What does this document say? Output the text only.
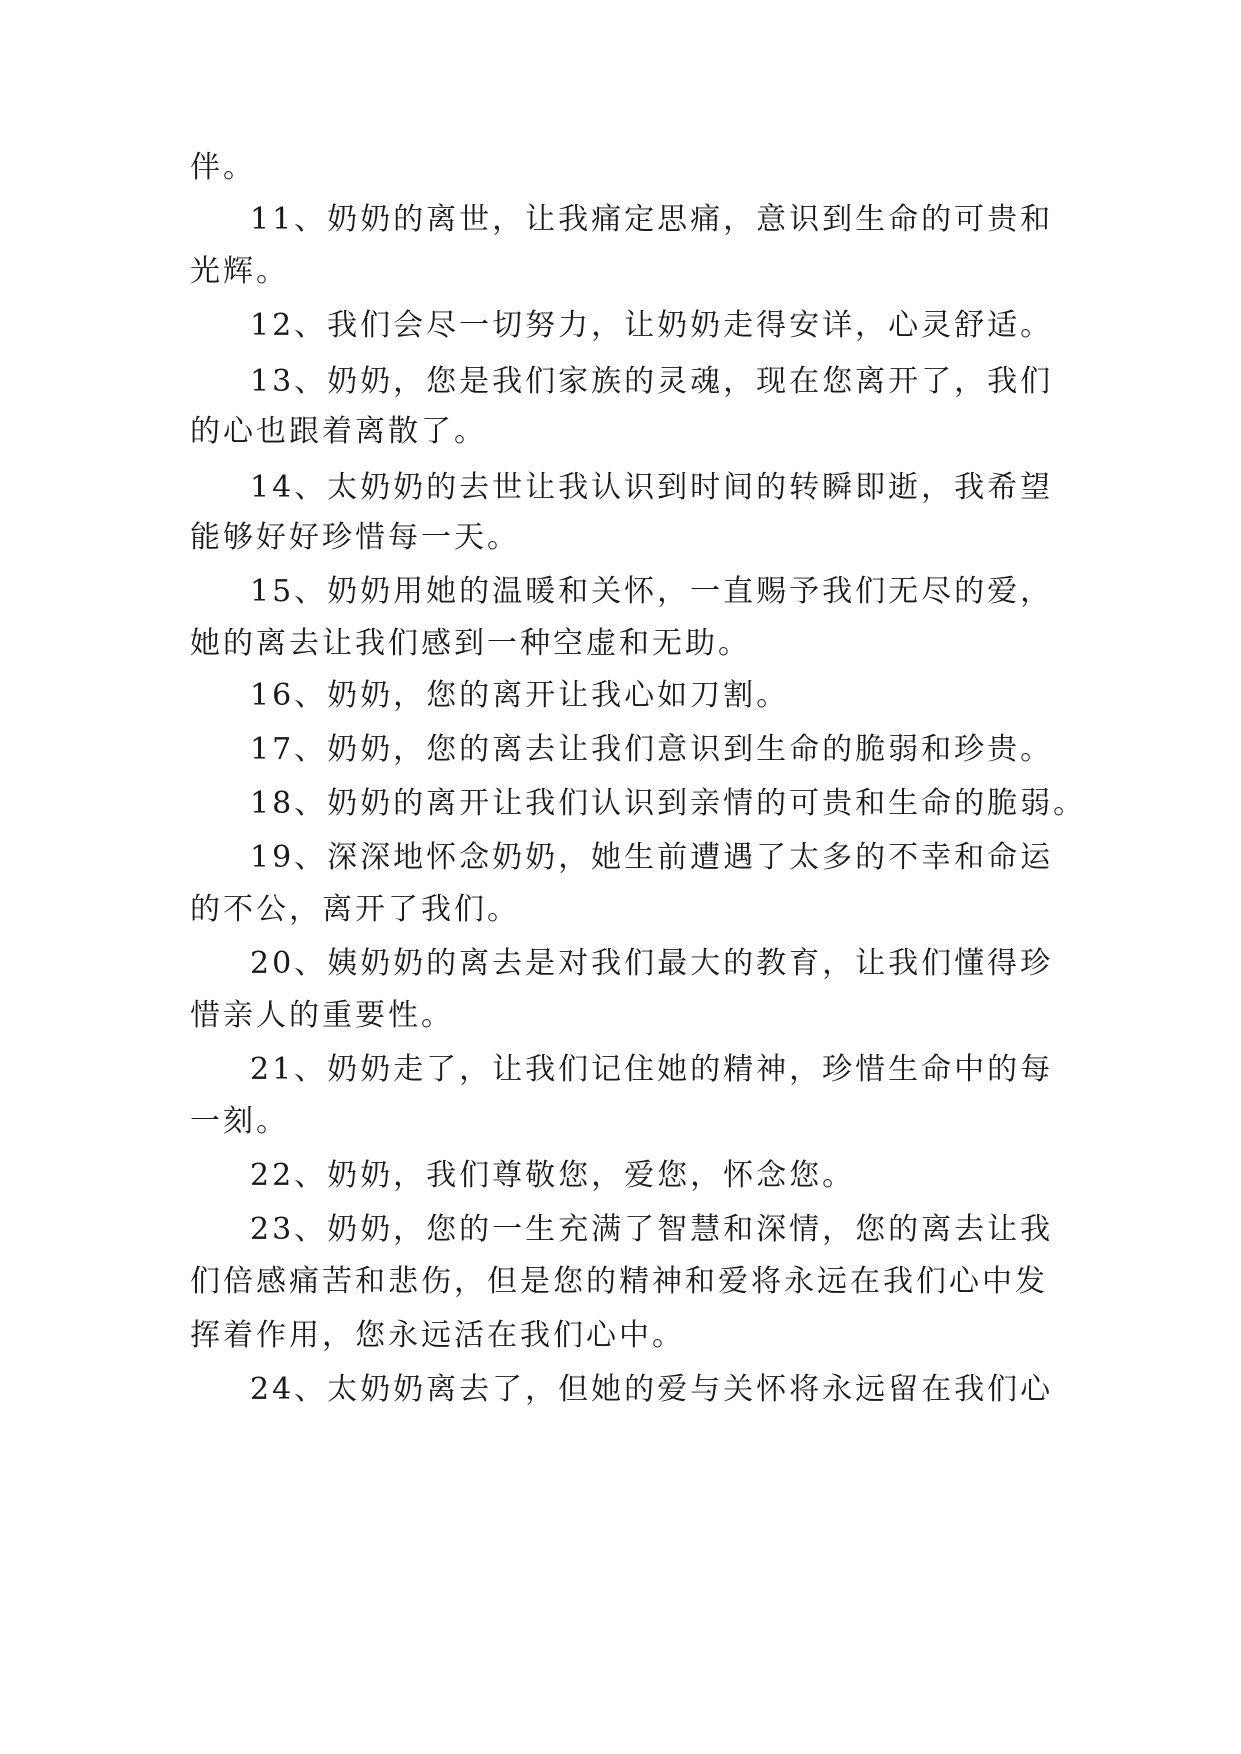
伴。
11、奶奶的离世，让我痛定思痛，意识到生命的可贵和
光辉。
12、我们会尽一切努力，让奶奶走得安详，心灵舒适。
13、奶奶，您是我们家族的灵魂，现在您离开了，我们
的心也跟着离散了。
14、太奶奶的去世让我认识到时间的转瞬即逝，我希望
能够好好珍惜每一天。
15、奶奶用她的温暖和关怀，一直赐予我们无尽的爱，
她的离去让我们感到一种空虚和无助。
16、奶奶，您的离开让我心如刀割。
17、奶奶，您的离去让我们意识到生命的脆弱和珍贵。
18、奶奶的离开让我们认识到亲情的可贵和生命的脆弱。
19、深深地怀念奶奶，她生前遭遇了太多的不幸和命运
的不公，离开了我们。
20、姨奶奶的离去是对我们最大的教育，让我们懂得珍
惜亲人的重要性。
21、奶奶走了，让我们记住她的精神，珍惜生命中的每
一刻。
22、奶奶，我们尊敬您，爱您，怀念您。
23、奶奶，您的一生充满了智慧和深情，您的离去让我
们倍感痛苦和悲伤，但是您的精神和爱将永远在我们心中发
挥着作用，您永远活在我们心中。
24、太奶奶离去了，但她的爱与关怀将永远留在我们心
